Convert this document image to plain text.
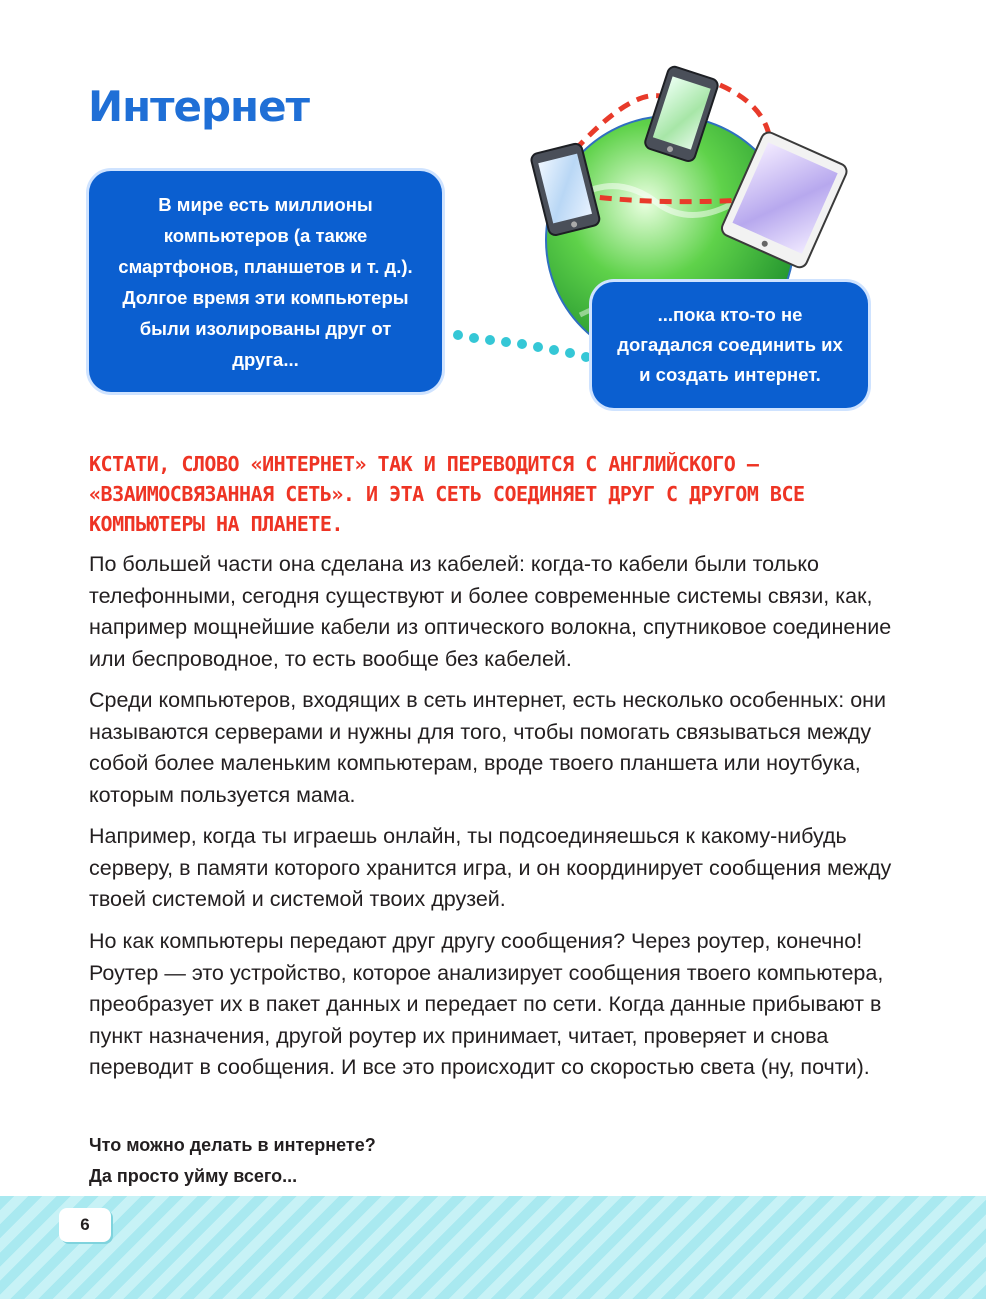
Интернет
В мире есть миллионы компьютеров (а также смартфонов, планшетов и т. д.). Долгое время эти компьютеры были изолированы друг от друга...
...пока кто-то не догадался соединить их и создать интернет.

КСТАТИ, СЛОВО «ИНТЕРНЕТ» ТАК И ПЕРЕВОДИТСЯ С АНГЛИЙСКОГО — «ВЗАИМОСВЯЗАННАЯ СЕТЬ». И ЭТА СЕТЬ СОЕДИНЯЕТ ДРУГ С ДРУГОМ ВСЕ КОМПЬЮТЕРЫ НА ПЛАНЕТЕ.

По большей части она сделана из кабелей: когда-то кабели были только телефонными, сегодня существуют и более современные системы связи, как, например мощнейшие кабели из оптического волокна, спутниковое соединение или беспроводное, то есть вообще без кабелей.

Среди компьютеров, входящих в сеть интернет, есть несколько особенных: они называются серверами и нужны для того, чтобы помогать связываться между собой более маленьким компьютерам, вроде твоего планшета или ноутбука, которым пользуется мама.

Например, когда ты играешь онлайн, ты подсоединяешься к какому-нибудь серверу, в памяти которого хранится игра, и он координирует сообщения между твоей системой и системой твоих друзей.

Но как компьютеры передают друг другу сообщения? Через роутер, конечно! Роутер — это устройство, которое анализирует сообщения твоего компьютера, преобразует их в пакет данных и передает по сети. Когда данные прибывают в пункт назначения, другой роутер их принимает, читает, проверяет и снова переводит в сообщения. И все это происходит со скоростью света (ну, почти).

Что можно делать в интернете?
Да просто уйму всего...
6
